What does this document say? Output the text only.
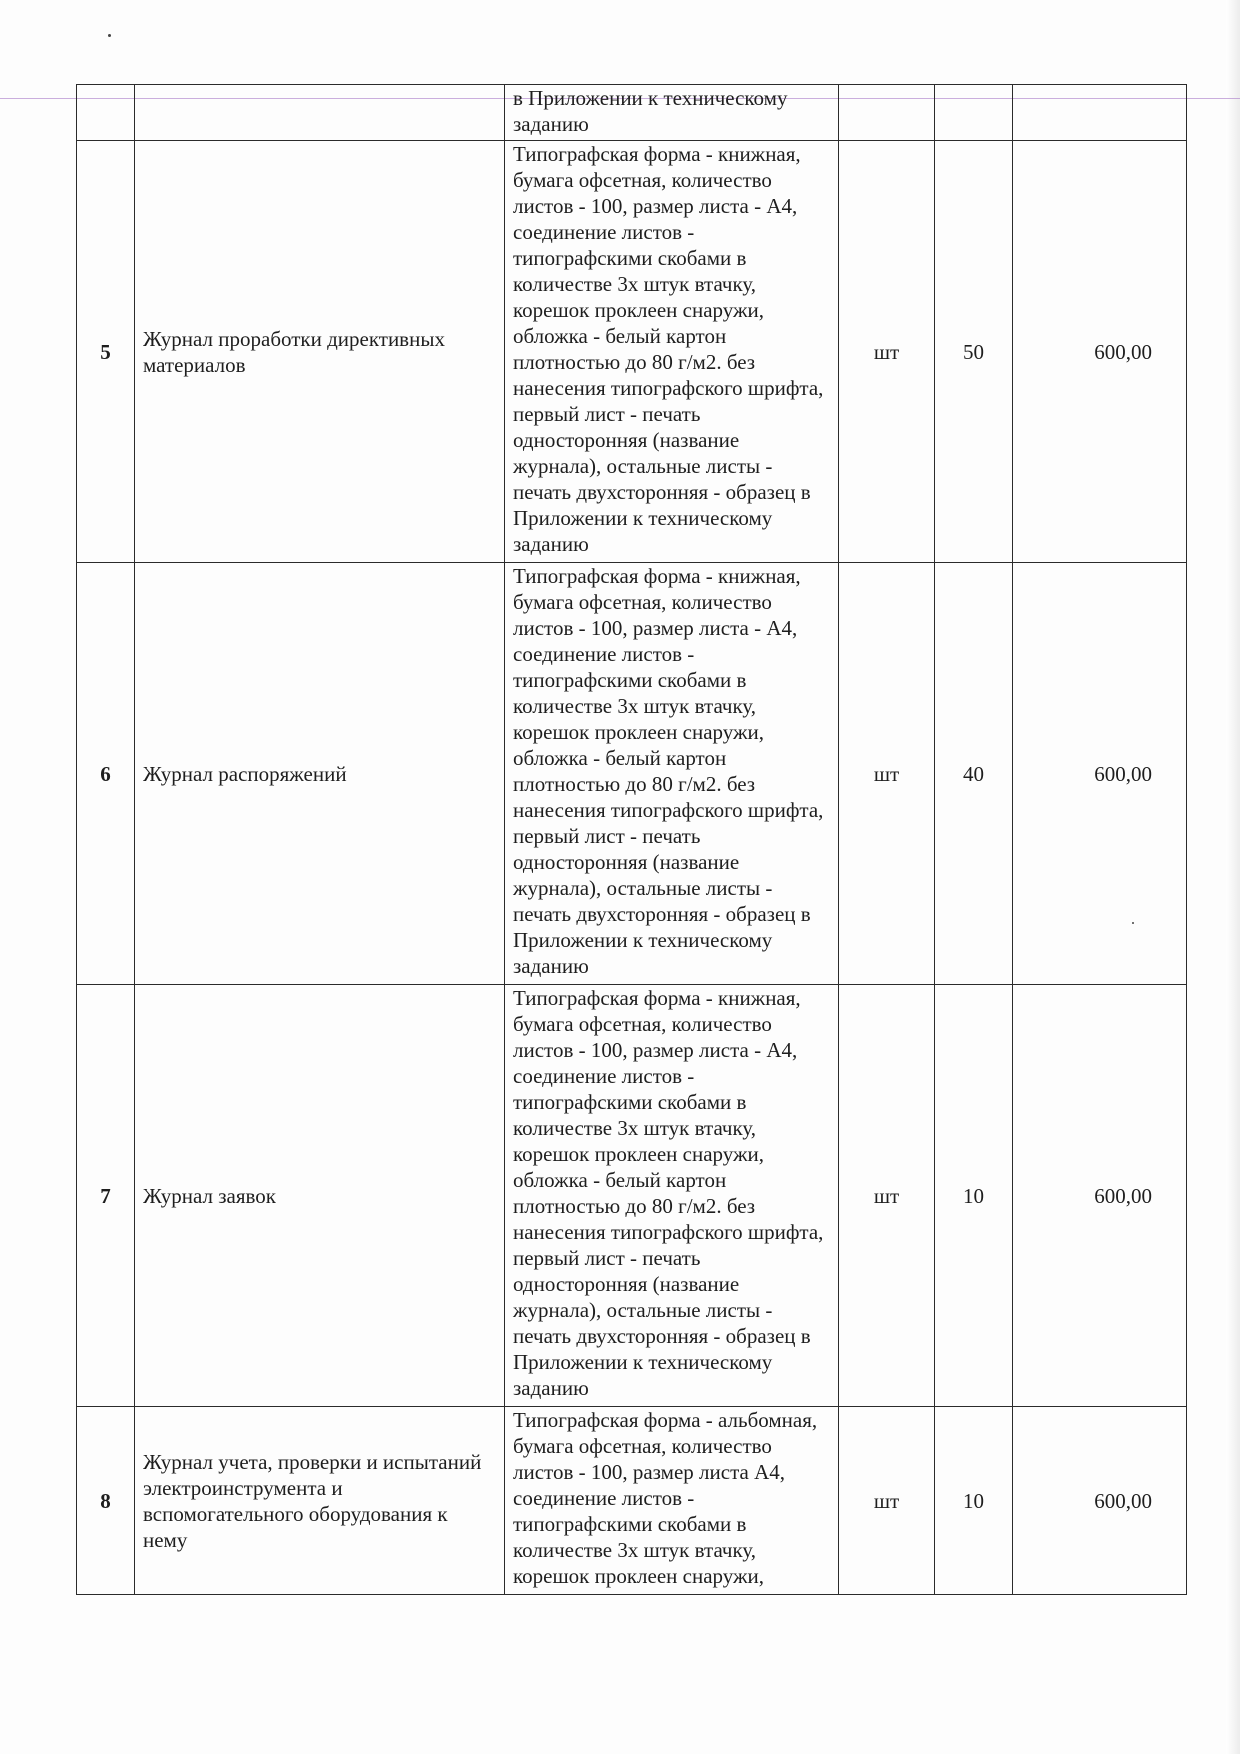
		в Приложении к техническому заданию			
5	Журнал проработки директивных материалов	Типографская форма - книжная, бумага офсетная, количество листов - 100, размер листа - А4, соединение листов - типографскими скобами в количестве 3х штук втачку, корешок проклеен снаружи, обложка - белый картон плотностью до 80 г/м2. без нанесения типографского шрифта, первый лист - печать односторонняя (название журнала), остальные листы - печать двухсторонняя - образец в Приложении к техническому заданию	шт	50	600,00
6	Журнал распоряжений	Типографская форма - книжная, бумага офсетная, количество листов - 100, размер листа - А4, соединение листов - типографскими скобами в количестве 3х штук втачку, корешок проклеен снаружи, обложка - белый картон плотностью до 80 г/м2. без нанесения типографского шрифта, первый лист - печать односторонняя (название журнала), остальные листы - печать двухсторонняя - образец в Приложении к техническому заданию	шт	40	600,00
7	Журнал заявок	Типографская форма - книжная, бумага офсетная, количество листов - 100, размер листа - А4, соединение листов - типографскими скобами в количестве 3х штук втачку, корешок проклеен снаружи, обложка - белый картон плотностью до 80 г/м2. без нанесения типографского шрифта, первый лист - печать односторонняя (название журнала), остальные листы - печать двухсторонняя - образец в Приложении к техническому заданию	шт	10	600,00
8	Журнал учета, проверки и испытаний электроинструмента и вспомогательного оборудования к нему	Типографская форма - альбомная, бумага офсетная, количество листов - 100, размер листа А4, соединение листов - типографскими скобами в количестве 3х штук втачку, корешок проклеен снаружи,	шт	10	600,00
